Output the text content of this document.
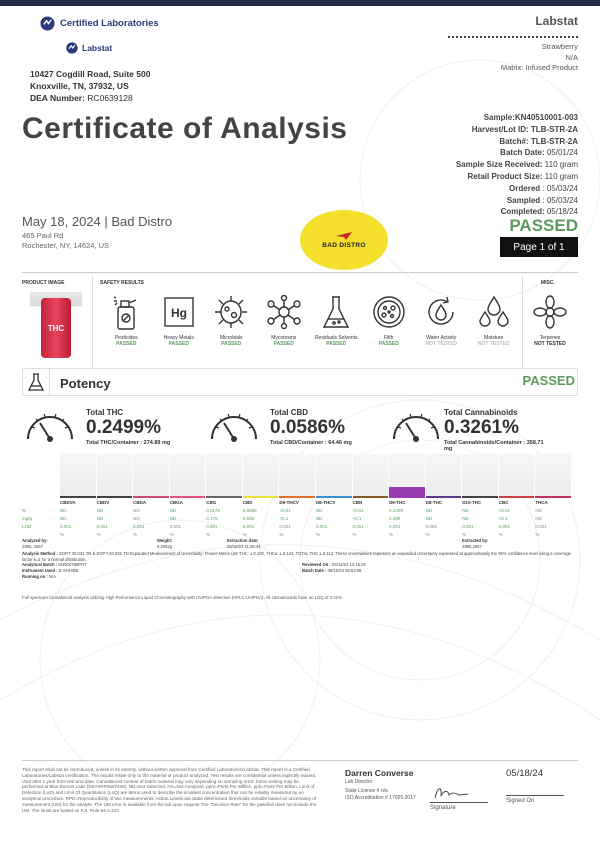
Certified Laboratories
Labstat
10427 Cogdill Road, Suite 500
Knoxville, TN, 37932, US
DEA Number: RC0639128
Certificate of Analysis
Labstat
Strawberry
N/A
Matrix: Infused Product
Sample:KN40510001-003
Harvest/Lot ID: TLB-STR-2A
Batch#: TLB-STR-2A
Batch Date: 05/01/24
Sample Size Received: 110 gram
Retail Product Size: 110 gram
Ordered : 05/03/24
Sampled : 05/03/24
Completed: 05/18/24
May 18, 2024 | Bad Distro
465 Paul Rd
Rochester, NY, 14624, US	BAD DISTRO
PASSED
Page 1 of 1
PRODUCT IMAGE	SAFETY RESULTS	MISC.
THC
Pesticides
PASSED
Hg
Heavy Metals
PASSED
Microbials
PASSED
Mycotoxins
PASSED
Residuals Solvents
PASSED
Filth
PASSED
Water Activity
NOT TESTED
Moisture
NOT TESTED
Terpenes
NOT TESTED
Potency	PASSED
Total THC
0.2499%
Total THC/Container : 274.89 mg
Total CBD
0.0586%
Total CBD/Container : 64.46 mg
Total Cannabinoids
0.3261%
Total Cannabinoids/Container : 358.71
mg
CBDVA	CBDV	CBDA	CBGA	CBG	CBD	D9-THCV	D8-THCV	CBN	D9-THC	D8-THC	D10-THC	CBC	THCA
%	ND	ND	ND	ND	0.0176	0.0586	<0.01	ND	<0.01	0.2499	ND	ND	<0.01	ND
mg/g	ND	ND	ND	ND	0.176	0.586	<0.1	ND	<0.1	2.499	ND	ND	<0.1	ND
LOD	0.001	0.001	0.001	0.001	0.001	0.001	0.001	0.001	0.001	0.001	0.001	0.001	0.001	0.001
%	%	%	%	%	%	%	%	%	%	%	%	%	%
Analyzed by:
2990, 2657
Weight:
0.2062g
Extraction date:
05/10/24 11:26:44
Extracted by:
2990,2657
Analysis Method : SOP.T.30.031.TN & SOP.T.40.031.TN Expanded Measurement of Uncertainty: Flower Matrix (Δ9-THC: ± 0.100, THCa: ± 0.124, TOTAL THC ± 0.112. These uncertainties represent an expanded uncertainty expressed at approximately the 95% confidence level using a coverage factor k=2 for a normal distribution.
Analytical Batch : KN004790POT
Instrument Used : E-SHI-008
Running on : N/A
Reviewed On : 05/13/24 12:15:25
Batch Date : 05/10/24 08:53:08
Full spectrum cannabinoid analysis utilizing High Performance Liquid Chromatography with UV/PDA detection (HPLC-UV/PDA). All cannabinoids have an LOQ of 0.01%.
This report shall not be reproduced, unless in its entirety, without written approval from Certified Laboratories/Labstat. This report is a Certified Laboratories/Labstat certification. The results relate only to the material or product analyzed. Test results are confidential unless explicitly waived. Void after 1 year from test end date. Cannabinoid content of batch material may vary depending on sampling error. Some testing may be performed at Blue Bonnet Labs (DEA#RP0607436). ND=Not Detected, NA=Not Analyzed, ppm=Parts Per Million, ppb=Parts Per Billion. Limit of Detection (LoD) and Limit Of Quantitation (LoQ) are terms used to describe the smallest concentration that can be reliably measured by an analytical procedure. RPD=Reproducibility of two measurements. Action Levels are State determined thresholds variable based on uncertainty of measurement (UM) for the analyte. The UM error is available from the lab upon request.The "Decision Rule" for the pass/fail does not include the UM. The limits are based on F.S. Rule 64-4.310.
Darren Converse
Lab Director
State License # n/a
ISO Accreditation # 17025:2017
Signature
05/18/24
Signed On
